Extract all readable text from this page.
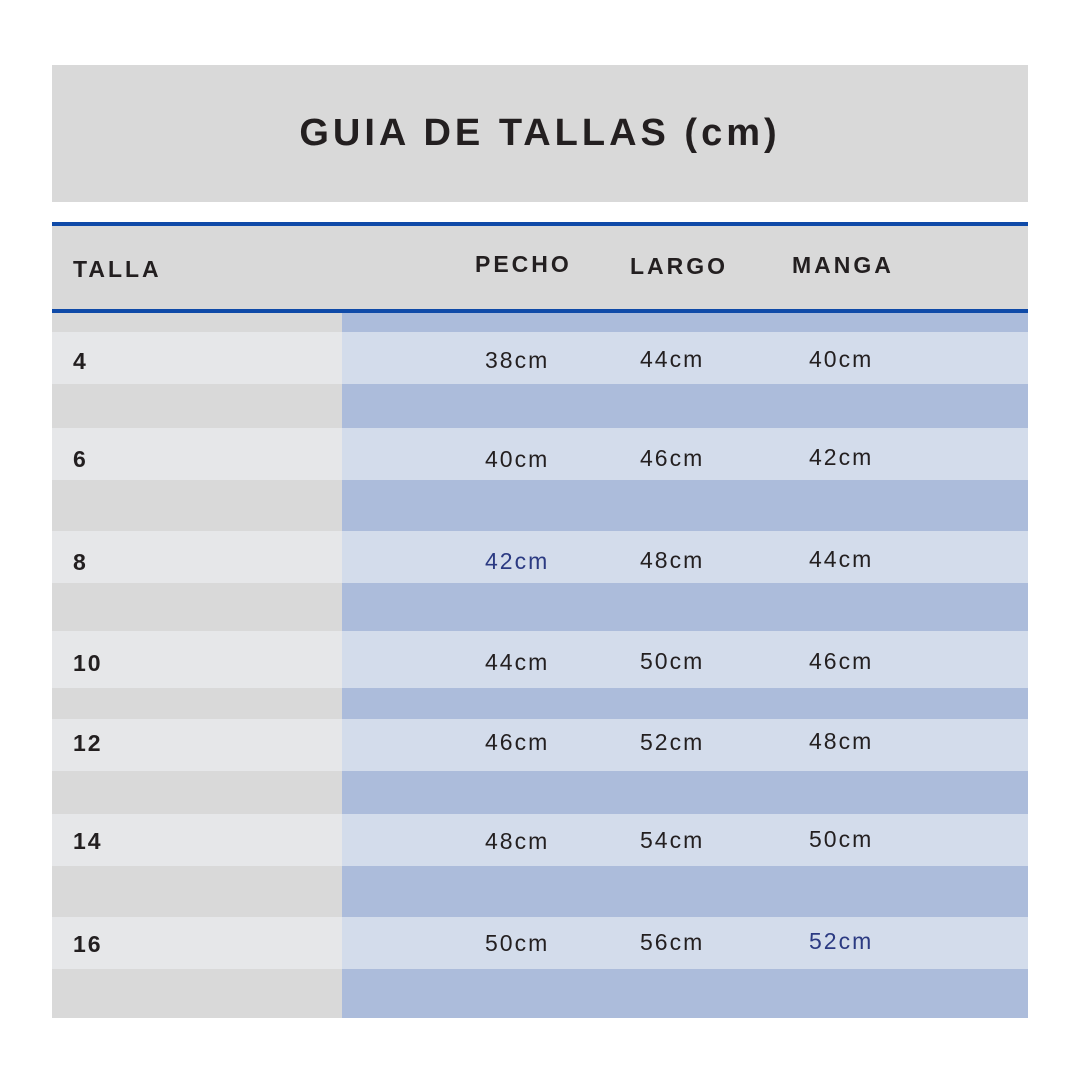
GUIA DE TALLAS (cm)
TALLA	PECHO	LARGO	MANGA
4	38cm	44cm	40cm
6	40cm	46cm	42cm
8	42cm	48cm	44cm
10	44cm	50cm	46cm
12	46cm	52cm	48cm
14	48cm	54cm	50cm
16	50cm	56cm	52cm
